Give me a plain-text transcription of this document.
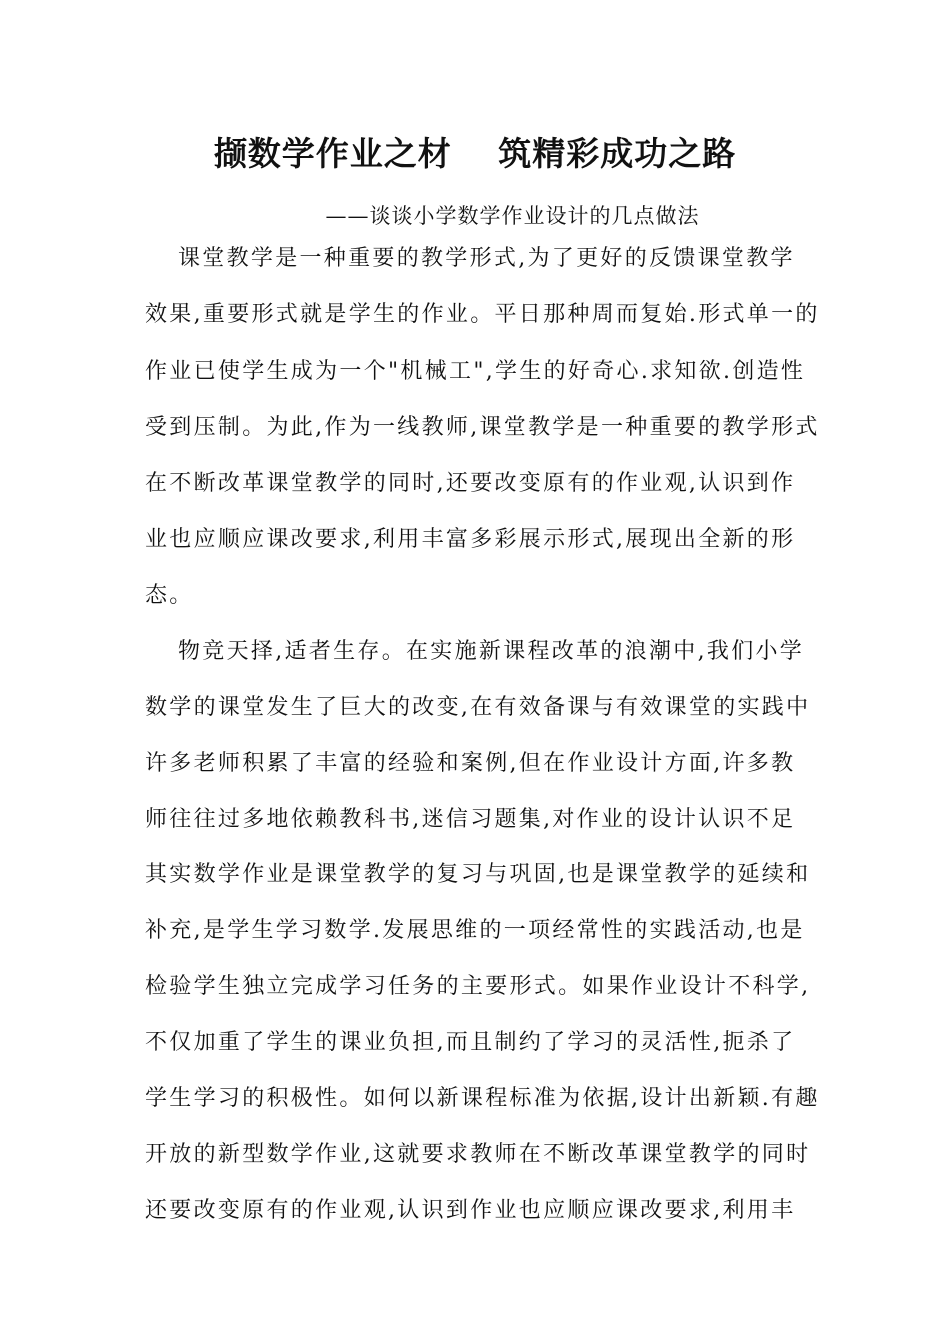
撷数学作业之材　 筑精彩成功之路
——谈谈小学数学作业设计的几点做法
课堂教学是一种重要的教学形式,为了更好的反馈课堂教学
效果,重要形式就是学生的作业。平日那种周而复始.形式单一的
作业已使学生成为一个"机械工",学生的好奇心.求知欲.创造性
受到压制。为此,作为一线教师,课堂教学是一种重要的教学形式
在不断改革课堂教学的同时,还要改变原有的作业观,认识到作
业也应顺应课改要求,利用丰富多彩展示形式,展现出全新的形
态。
物竞天择,适者生存。在实施新课程改革的浪潮中,我们小学
数学的课堂发生了巨大的改变,在有效备课与有效课堂的实践中
许多老师积累了丰富的经验和案例,但在作业设计方面,许多教
师往往过多地依赖教科书,迷信习题集,对作业的设计认识不足
其实数学作业是课堂教学的复习与巩固,也是课堂教学的延续和
补充,是学生学习数学.发展思维的一项经常性的实践活动,也是
检验学生独立完成学习任务的主要形式。如果作业设计不科学,
不仅加重了学生的课业负担,而且制约了学习的灵活性,扼杀了
学生学习的积极性。如何以新课程标准为依据,设计出新颖.有趣
开放的新型数学作业,这就要求教师在不断改革课堂教学的同时
还要改变原有的作业观,认识到作业也应顺应课改要求,利用丰
